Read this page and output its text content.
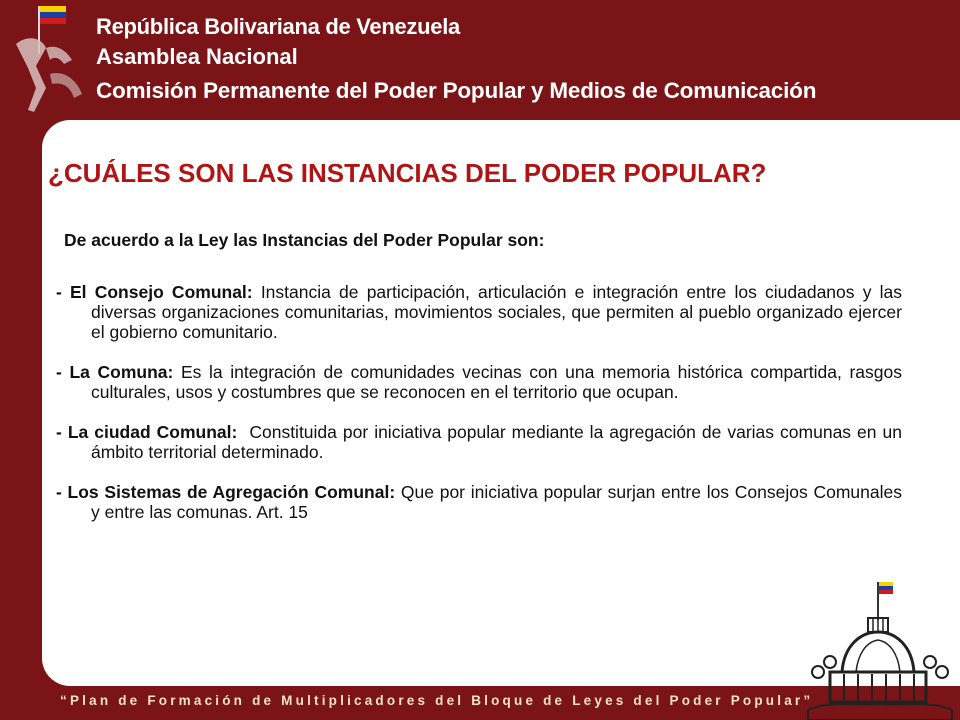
República Bolivariana de Venezuela
Asamblea Nacional
Comisión Permanente del Poder Popular y Medios de Comunicación
¿CUÁLES SON LAS INSTANCIAS DEL PODER POPULAR?
De acuerdo a la Ley las Instancias del Poder Popular son:

- El Consejo Comunal: Instancia de participación, articulación e integración entre los ciudadanos y las diversas organizaciones comunitarias, movimientos sociales, que permiten al pueblo organizado ejercer el gobierno comunitario.

- La Comuna: Es la integración de comunidades vecinas con una memoria histórica compartida, rasgos culturales, usos y costumbres que se reconocen en el territorio que ocupan.

- La ciudad Comunal:  Constituida por iniciativa popular mediante la agregación de varias comunas en un ámbito territorial determinado.

- Los Sistemas de Agregación Comunal: Que por iniciativa popular surjan entre los Consejos Comunales y entre las comunas. Art. 15

“Plan de Formación de Multiplicadores del Bloque de Leyes del Poder Popular”
